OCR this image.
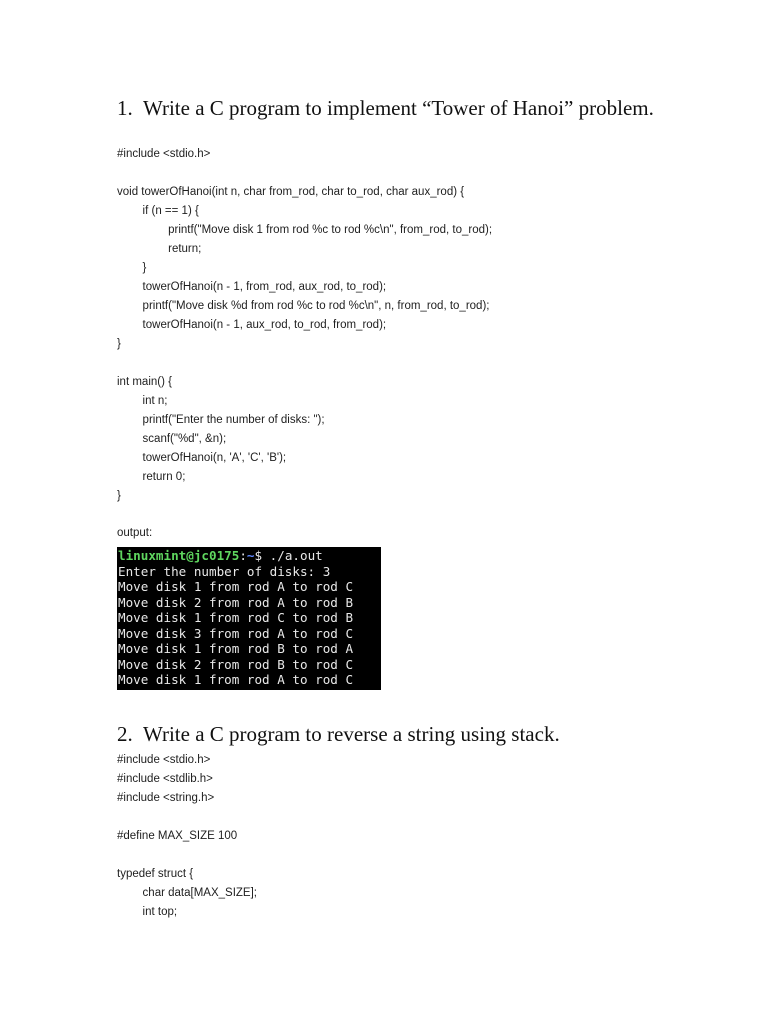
1. Write a C program to implement “Tower of Hanoi” problem.
#include <stdio.h>
void towerOfHanoi(int n, char from_rod, char to_rod, char aux_rod) {
if (n == 1) {
printf("Move disk 1 from rod %c to rod %c\n", from_rod, to_rod);
return;
}
towerOfHanoi(n - 1, from_rod, aux_rod, to_rod);
printf("Move disk %d from rod %c to rod %c\n", n, from_rod, to_rod);
towerOfHanoi(n - 1, aux_rod, to_rod, from_rod);
}
int main() {
int n;
printf("Enter the number of disks: ");
scanf("%d", &n);
towerOfHanoi(n, 'A', 'C', 'B');
return 0;
}
output:
linuxmint@jc0175:~$ ./a.out
Enter the number of disks: 3
Move disk 1 from rod A to rod C
Move disk 2 from rod A to rod B
Move disk 1 from rod C to rod B
Move disk 3 from rod A to rod C
Move disk 1 from rod B to rod A
Move disk 2 from rod B to rod C
Move disk 1 from rod A to rod C
2. Write a C program to reverse a string using stack.
#include <stdio.h>
#include <stdlib.h>
#include <string.h>
#define MAX_SIZE 100
typedef struct {
char data[MAX_SIZE];
int top;
